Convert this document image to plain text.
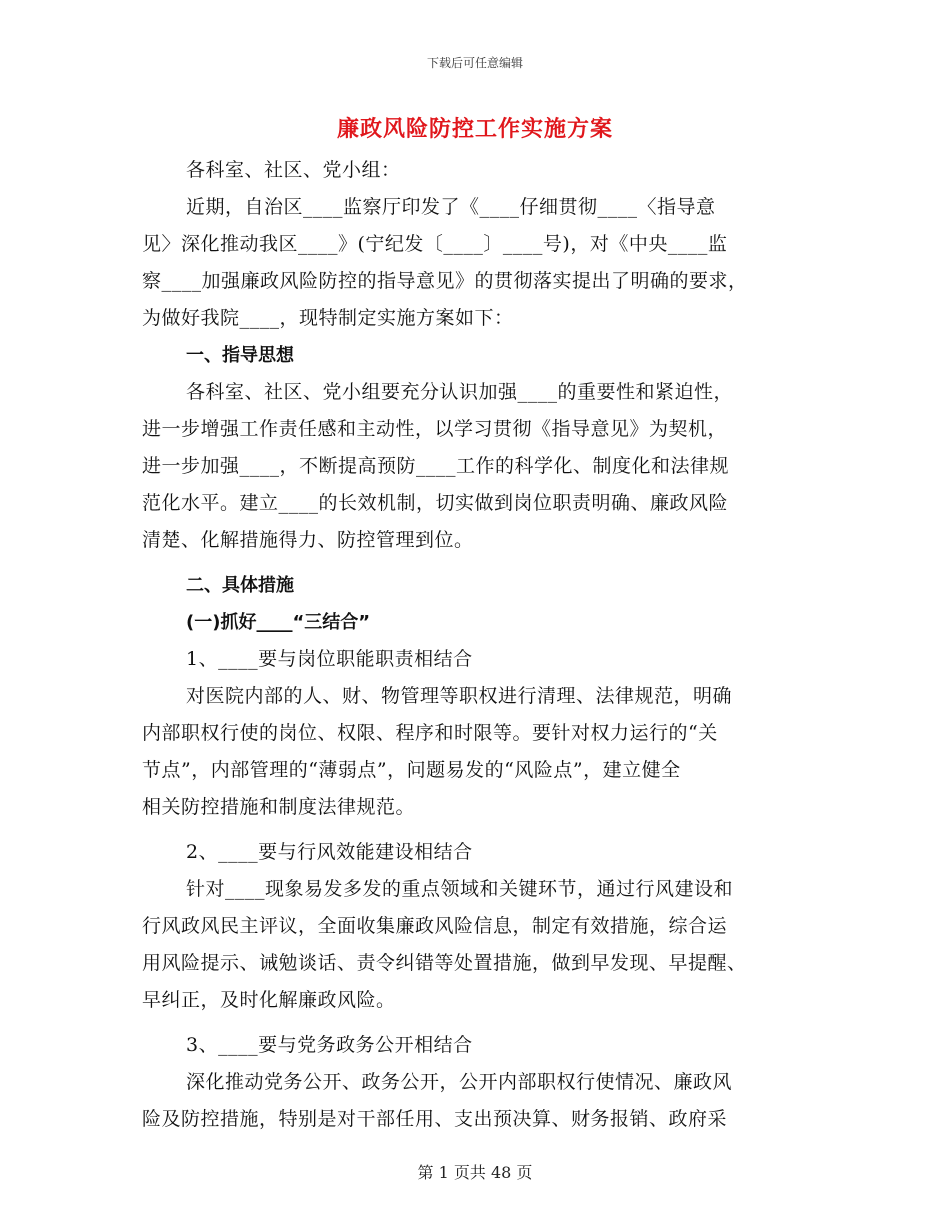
下载后可任意编辑
廉政风险防控工作实施方案

各科室、社区、党小组：

近期，自治区____监察厅印发了《____仔细贯彻____〈指导意

见〉深化推动我区____》(宁纪发〔____〕____号)，对《中央____监

察____加强廉政风险防控的指导意见》的贯彻落实提出了明确的要求，

为做好我院____，现特制定实施方案如下：

一、指导思想

各科室、社区、党小组要充分认识加强____的重要性和紧迫性，

进一步增强工作责任感和主动性，以学习贯彻《指导意见》为契机，

进一步加强____，不断提高预防____工作的科学化、制度化和法律规

范化水平。建立____的长效机制，切实做到岗位职责明确、廉政风险

清楚、化解措施得力、防控管理到位。

二、具体措施

(一)抓好____“三结合”

1、____要与岗位职能职责相结合

对医院内部的人、财、物管理等职权进行清理、法律规范，明确

内部职权行使的岗位、权限、程序和时限等。要针对权力运行的“关

节点”，内部管理的“薄弱点”，问题易发的“风险点”，建立健全

相关防控措施和制度法律规范。

2、____要与行风效能建设相结合

针对____现象易发多发的重点领域和关键环节，通过行风建设和

行风政风民主评议，全面收集廉政风险信息，制定有效措施，综合运

用风险提示、诫勉谈话、责令纠错等处置措施，做到早发现、早提醒、

早纠正，及时化解廉政风险。

3、____要与党务政务公开相结合

深化推动党务公开、政务公开，公开内部职权行使情况、廉政风

险及防控措施，特别是对干部任用、支出预决算、财务报销、政府采

第 1 页共 48 页
